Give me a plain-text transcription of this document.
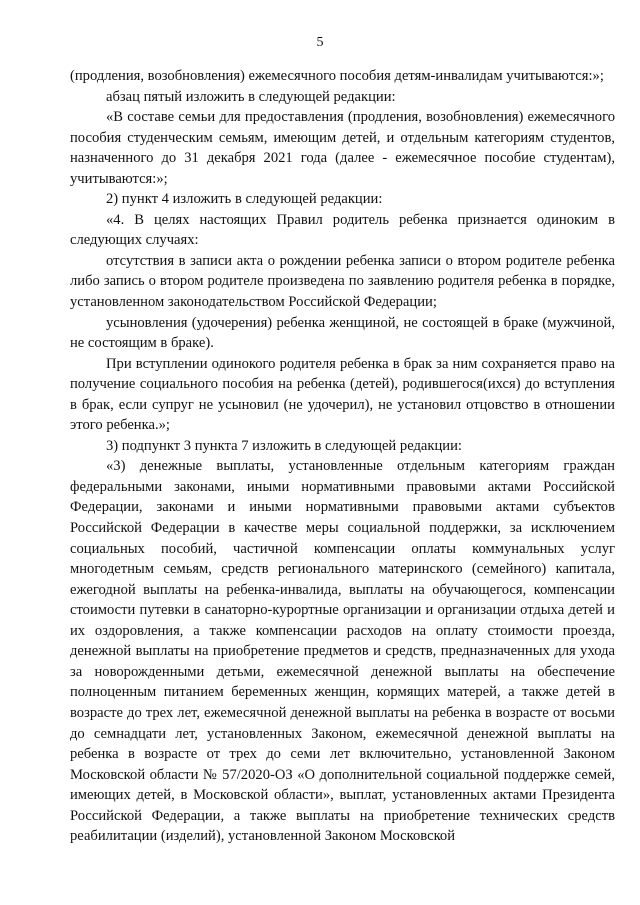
5

(продления, возобновления) ежемесячного пособия детям-инвалидам учитываются:»;

абзац пятый изложить в следующей редакции:

«В составе семьи для предоставления (продления, возобновления) ежемесячного пособия студенческим семьям, имеющим детей, и отдельным категориям студентов, назначенного до 31 декабря 2021 года (далее - ежемесячное пособие студентам), учитываются:»;

2) пункт 4 изложить в следующей редакции:

«4. В целях настоящих Правил родитель ребенка признается одиноким в следующих случаях:

отсутствия в записи акта о рождении ребенка записи о втором родителе ребенка либо запись о втором родителе произведена по заявлению родителя ребенка в порядке, установленном законодательством Российской Федерации;

усыновления (удочерения) ребенка женщиной, не состоящей в браке (мужчиной, не состоящим в браке).

При вступлении одинокого родителя ребенка в брак за ним сохраняется право на получение социального пособия на ребенка (детей), родившегося(ихся) до вступления в брак, если супруг не усыновил (не удочерил), не установил отцовство в отношении этого ребенка.»;

3) подпункт 3 пункта 7 изложить в следующей редакции:

«3) денежные выплаты, установленные отдельным категориям граждан федеральными законами, иными нормативными правовыми актами Российской Федерации, законами и иными нормативными правовыми актами субъектов Российской Федерации в качестве меры социальной поддержки, за исключением социальных пособий, частичной компенсации оплаты коммунальных услуг многодетным семьям, средств регионального материнского (семейного) капитала, ежегодной выплаты на ребенка-инвалида, выплаты на обучающегося, компенсации стоимости путевки в санаторно-курортные организации и организации отдыха детей и их оздоровления, а также компенсации расходов на оплату стоимости проезда, денежной выплаты на приобретение предметов и средств, предназначенных для ухода за новорожденными детьми, ежемесячной денежной выплаты на обеспечение полноценным питанием беременных женщин, кормящих матерей, а также детей в возрасте до трех лет, ежемесячной денежной выплаты на ребенка в возрасте от восьми до семнадцати лет, установленных Законом, ежемесячной денежной выплаты на ребенка в возрасте от трех до семи лет включительно, установленной Законом Московской области № 57/2020-ОЗ «О дополнительной социальной поддержке семей, имеющих детей, в Московской области», выплат, установленных актами Президента Российской Федерации, а также выплаты на приобретение технических средств реабилитации (изделий), установленной Законом Московской
